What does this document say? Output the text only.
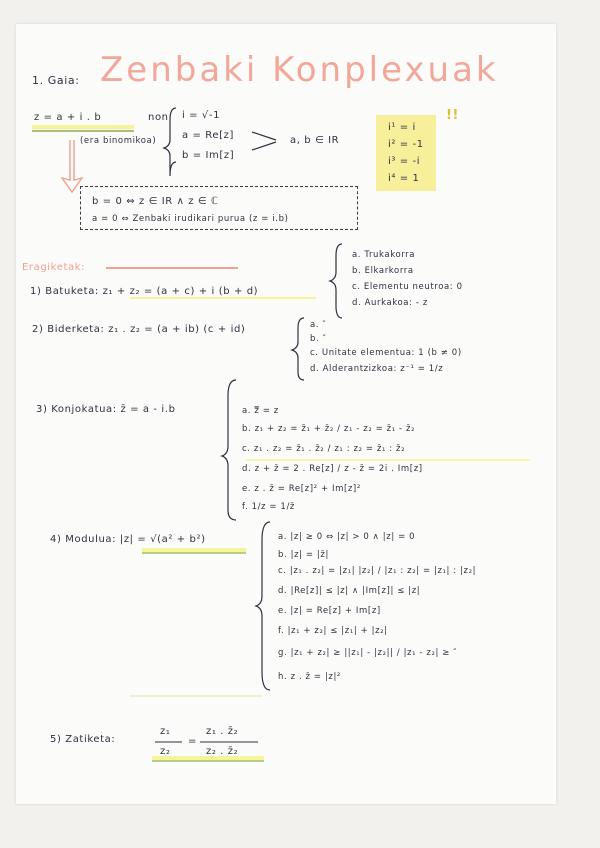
1. Gaia: Zenbaki Konplexuak
z = a + i . b	non
(era binomikoa)
i = √-1
a = Re[z]
b = Im[z]
a, b ∈ IR
i¹ = i
i² = -1
i³ = -i
i⁴ = 1
!!
b = 0 ⇔ z ∈ IR ∧ z ∈ ℂ
a = 0 ⇔ Zenbaki irudikari purua (z = i.b)
Eragiketak:
1) Batuketa: z₁ + z₂ = (a + c) + i (b + d)
a. Trukakorra
b. Elkarkorra
c. Elementu neutroa: 0
d. Aurkakoa: - z
2) Biderketa: z₁ . z₂ = (a + ib) (c + id)	a. ″
b. ″
c. Unitate elementua: 1 (b ≠ 0)
d. Alderantzizkoa: z⁻¹ = 1/z
3) Konjokatua: z̄ = a - i.b	a. z̿ = z
b. z₁ + z₂ = z̄₁ + z̄₂ / z₁ - z₂ = z̄₁ - z̄₂
c. z₁ . z₂ = z̄₁ . z̄₂ / z₁ : z₂ = z̄₁ : z̄₂
d. z + z̄ = 2 . Re[z] / z - z̄ = 2i . Im[z]
e. z . z̄ = Re[z]² + Im[z]²
f. 1/z = 1/z̄
4) Modulua: |z| = √(a² + b²)	a. |z| ≥ 0 ⇔ |z| > 0 ∧ |z| = 0
b. |z| = |z̄|
c. |z₁ . z₂| = |z₁| |z₂| / |z₁ : z₂| = |z₁| : |z₂|
d. |Re[z]| ≤ |z| ∧ |Im[z]| ≤ |z|
e. |z| = Re[z] + Im[z]
f. |z₁ + z₂| ≤ |z₁| + |z₂|
g. |z₁ + z₂| ≥ ||z₁| - |z₂|| / |z₁ - z₂| ≥ ″
h. z . z̄ = |z|²
5) Zatiketa:
z₁
z₂
=
z₁ . z̄₂
z₂ . z̄₂
